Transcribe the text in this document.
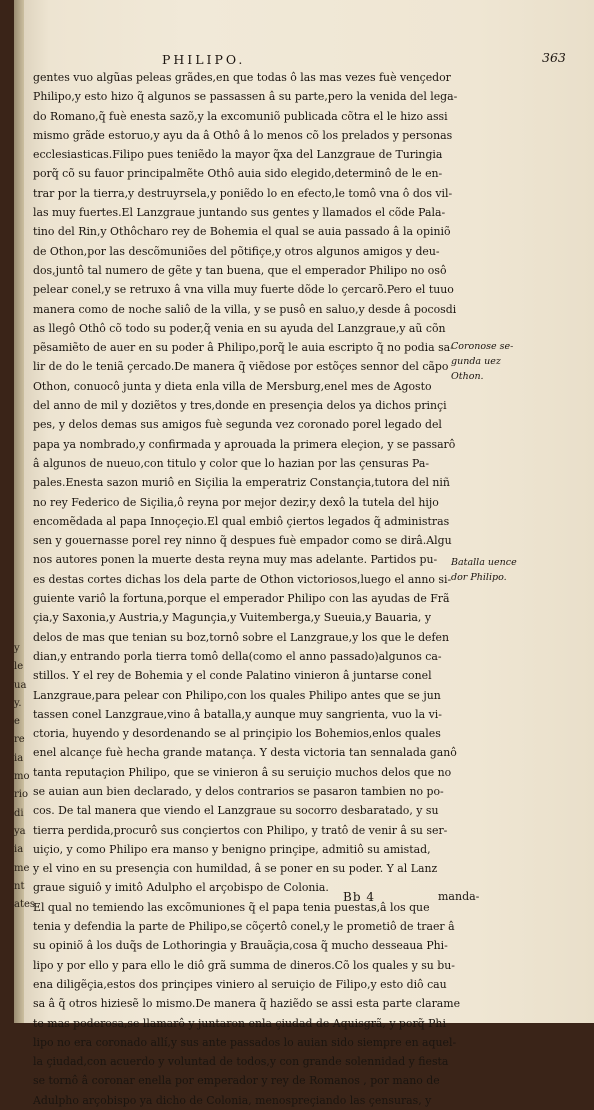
y
le
ua
y.
e
re
ia
mo
rio
di
ya
ia
me
nt
ates
PHILIPO.	363
gentes vuo algũas peleas grãdes,en que todas ô las mas vezes fuè vençedor
Philipo,y esto hizo q̃ algunos se passassen â su parte,pero la venida del lega-
do Romano,q̃ fuè enesta sazõ,y la excomuniõ publicada cõtra el le hizo assi
mismo grãde estoruo,y ayu da â Othô â lo menos cõ los prelados y personas
ecclesiasticas.Filipo pues teniẽdo la mayor q̃xa del Lanzgraue de Turingia
porq̃ cõ su fauor principalmẽte Othô auia sido elegido,determinô de le en-
trar por la tierra,y destruyrsela,y poniẽdo lo en efecto,le tomô vna ô dos vil-
las muy fuertes.El Lanzgraue juntando sus gentes y llamados el cõde Pala-
tino del Rin,y Othôcharo rey de Bohemia el qual se auia passado â la opiniõ
de Othon,por las descõmuniões del põtifiçe,y otros algunos amigos y deu-
dos,juntô tal numero de gẽte y tan buena, que el emperador Philipo no osô
pelear conel,y se retruxo â vna villa muy fuerte dõde lo çercarõ.Pero el tuuo
manera como de noche saliô de la villa, y se pusô en saluo,y desde â pocosdi
as llegô Othô cõ todo su poder,q̃ venia en su ayuda del Lanzgraue,y aũ cõn
pẽsamiẽto de auer en su poder â Philipo,porq̃ le auia escripto q̃ no podia sa-
lir de do le teniã çercado.De manera q̃ viẽdose por estõçes sennor del cãpo
Othon, conuocô junta y dieta enla villa de Mersburg,enel mes de Agosto
del anno de mil y doziẽtos y tres,donde en presençia delos ya dichos prinçi
pes, y delos demas sus amigos fuè segunda vez coronado porel legado del
papa ya nombrado,y confirmada y aprouada la primera eleçion, y se passarô
â algunos de nueuo,con titulo y color que lo hazian por las çensuras Pa-
pales.Enesta sazon muriô en Siçilia la emperatriz Constançia,tutora del niñ
no rey Federico de Siçilia,ô reyna por mejor dezir,y dexô la tutela del hijo
encomẽdada al papa Innoçeçio.El qual embiô çiertos legados q̃ administras
sen y gouernasse porel rey ninno q̃ despues fuè empador como se dirâ.Algu
nos autores ponen la muerte desta reyna muy mas adelante. Partidos pu-
es destas cortes dichas los dela parte de Othon victoriosos,luego el anno si-
guiente variô la fortuna,porque el emperador Philipo con las ayudas de Frã
çia,y Saxonia,y Austria,y Magunçia,y Vuitemberga,y Sueuia,y Bauaria, y
delos de mas que tenian su boz,tornô sobre el Lanzgraue,y los que le defen
dian,y entrando porla tierra tomô della(como el anno passado)algunos ca-
stillos. Y el rey de Bohemia y el conde Palatino vinieron â juntarse conel
Lanzgraue,para pelear con Philipo,con los quales Philipo antes que se jun
tassen conel Lanzgraue,vino â batalla,y aunque muy sangrienta, vuo la vi-
ctoria, huyendo y desordenando se al prinçipio los Bohemios,enlos quales
enel alcançe fuè hecha grande matança. Y desta victoria tan sennalada ganô
tanta reputaçion Philipo, que se vinieron â su seruiçio muchos delos que no
se auian aun bien declarado, y delos contrarios se pasaron tambien no po-
cos. De tal manera que viendo el Lanzgraue su socorro desbaratado, y su
tierra perdida,procurô sus conçiertos con Philipo, y tratô de venir â su ser-
uiçio, y como Philipo era manso y benigno prinçipe, admitiô su amistad,
y el vino en su presençia con humildad, â se poner en su poder. Y al Lanz
graue siguiô y imitô Adulpho el arçobispo de Colonia.
El qual no temiendo las excõmuniones q̃ el papa tenia puestas,â los que
tenia y defendia la parte de Philipo,se cõçertô conel,y le prometiô de traer â
su opiniõ â los duq̃s de Lothoringia y Brauãçia,cosa q̃ mucho desseaua Phi-
lipo y por ello y para ello le diô grã summa de dineros.Cõ los quales y su bu-
ena diligẽçia,estos dos prinçipes viniero al seruiçio de Filipo,y esto diô cau
sa â q̃ otros hiziesẽ lo mismo.De manera q̃ haziẽdo se assi esta parte clarame
te mas poderosa,se llamarô y juntaron enla çiudad de Aquisgrã, y porq̃ Phi
lipo no era coronado allí,y sus ante passados lo auian sido siempre en aquel-
la çiudad,con acuerdo y voluntad de todos,y con grande solennidad y fiesta
se tornô â coronar enella por emperador y rey de Romanos , por mano de
Adulpho arçobispo ya dicho de Colonia, menospreçiando las çensuras, y
Coronose se-
gunda uez
Othon.
Batalla uence
dor Philipo.
Bb 4	manda-
